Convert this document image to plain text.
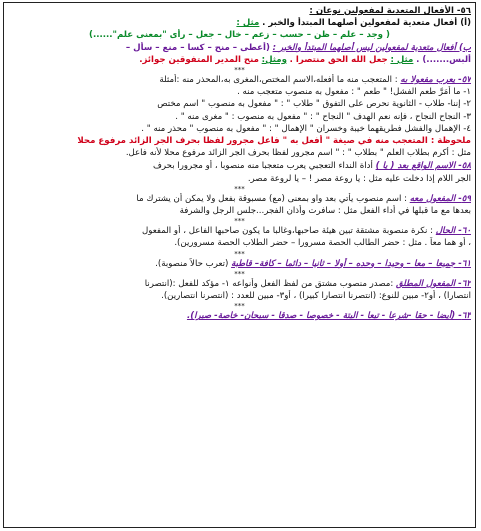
٥٦- الأفعال المتعدية لمفعولين نوعان :
(أ) أفعال متعدية لمفعولين أصلهما المبتدأ والخبر . مثل :
( وجد – علم – ظن – حسب – زعم – خال – جعل – رأى "بمعنى علم"......)
ب) أفعال متعدية لمفعولين ليس أصلهما المبتدأ والخبر : (أعطى – منح – كسا – منع – سأل –
ألبس.......) . مثل : جعل الله الحق منتصرا . ومثل: منح المدير المتفوقين جوائز.
***
٥٧- يعرب مفعولا به : المتعجب منه ما أفعله،الاسم المختص،المغرى به،المحذر منه :أمثلة
١- ما أمَرَّ طعم الفشل! " طعم " : مفعول به منصوب متعجب منه .
٢- إننا- طلاب - الثانوية نحرص على التفوق " طلاب " : " مفعول به منصوب " اسم مختص
٣- النجاح النجاح ، فإنه نعم الهدف " النجاح " : " مفعول به منصوب : " مغرى منه " .
٤- الإهمال والفشل فطريقهما خيبة وخسران " الإهمال " : " مفعول به منصوب " محذر منه " .
ملحوظة : المتعجب منه في صيغة " أفعل به " فاعل مجرور لفظا بحرف الجر الزائد مرفوع محلا
مثل : أكرم بطلاب العلم " بطلاب " : " اسم مجرور لفظا بحرف الجر الزائد مرفوع محلا لأنه فاعل.
٥٨- الاسم الواقع بعد ( يا ) أداة النداء التعجبي يعرب متعجبا منه منصوبا ، أو مجرورا بحرف
الجر اللام إذا دخلت عليه مثل : يا روعة مصر ! – يا لروعة مصر.
***
٥٩- المفعول معه : اسم منصوب يأتي بعد واو بمعنى (مع) مسبوقة بفعل ولا يمكن أن يشترك ما
بعدها مع ما قبلها في أداء الفعل مثل : سافرت وأذان الفجر...جلس الرجل والشرفة
***
٦٠- الحال : نكرة منصوبة مشتقة تبين هيئة صاحبها،وغالبا ما يكون صاحبها الفاعل ، أو المفعول
، أو هما معاً . مثل : حضر الطالب الحصة مسرورا – حضر الطلاب الحصة مسرورين).
***
٦١- جميعا – معا – وحيدا – وحده – أولا – ثانيا – دائما – كافة– قاطبة (تعرب حالاً منصوبة).
***
٦٢- المفعول المطلق :مصدر منصوب مشتق من لفظ الفعل وأنواعه ١- مؤكد للفعل :(انتصرنا
انتصارا) ، أو٢- مبين للنوع: (انتصرنا انتصارا كبيرا) ، أو٣- مبين للعدد : (انتصرنا انتصارين).
***
٦٣- (أيضا - حقا -شرعا - تبعا - البتة - خصوصا - صدقا - سبحان- خاصة- صبرا).
